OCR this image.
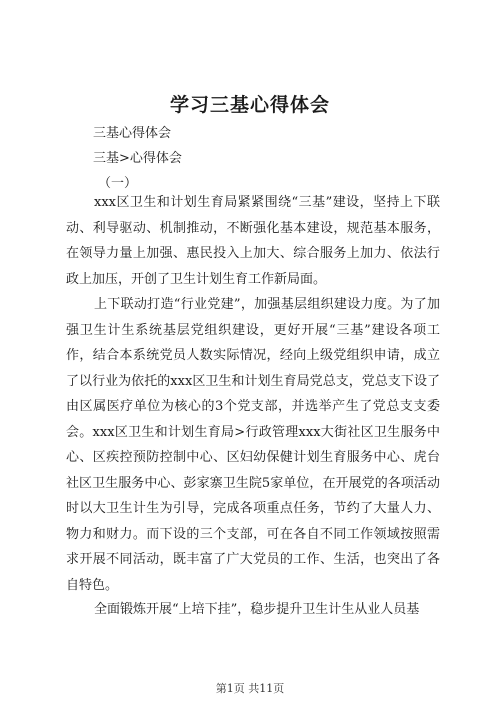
学习三基心得体会
三基心得体会
三基>心得体会
（一）
xxx区卫生和计划生育局紧紧围绕“三基”建设，坚持上下联动、利导驱动、机制推动，不断强化基本建设，规范基本服务，在领导力量上加强、惠民投入上加大、综合服务上加力、依法行政上加压，开创了卫生计划生育工作新局面。
上下联动打造“行业党建”，加强基层组织建设力度。为了加强卫生计生系统基层党组织建设，更好开展“三基”建设各项工作，结合本系统党员人数实际情况，经向上级党组织申请，成立了以行业为依托的xxx区卫生和计划生育局党总支，党总支下设了由区属医疗单位为核心的3个党支部，并选举产生了党总支支委会。xxx区卫生和计划生育局>行政管理xxx大街社区卫生服务中心、区疾控预防控制中心、区妇幼保健计划生育服务中心、虎台社区卫生服务中心、彭家寨卫生院5家单位，在开展党的各项活动时以大卫生计生为引导，完成各项重点任务，节约了大量人力、物力和财力。而下设的三个支部，可在各自不同工作领域按照需求开展不同活动，既丰富了广大党员的工作、生活，也突出了各自特色。
全面锻炼开展“上培下挂”，稳步提升卫生计生从业人员基
第1页 共11页
